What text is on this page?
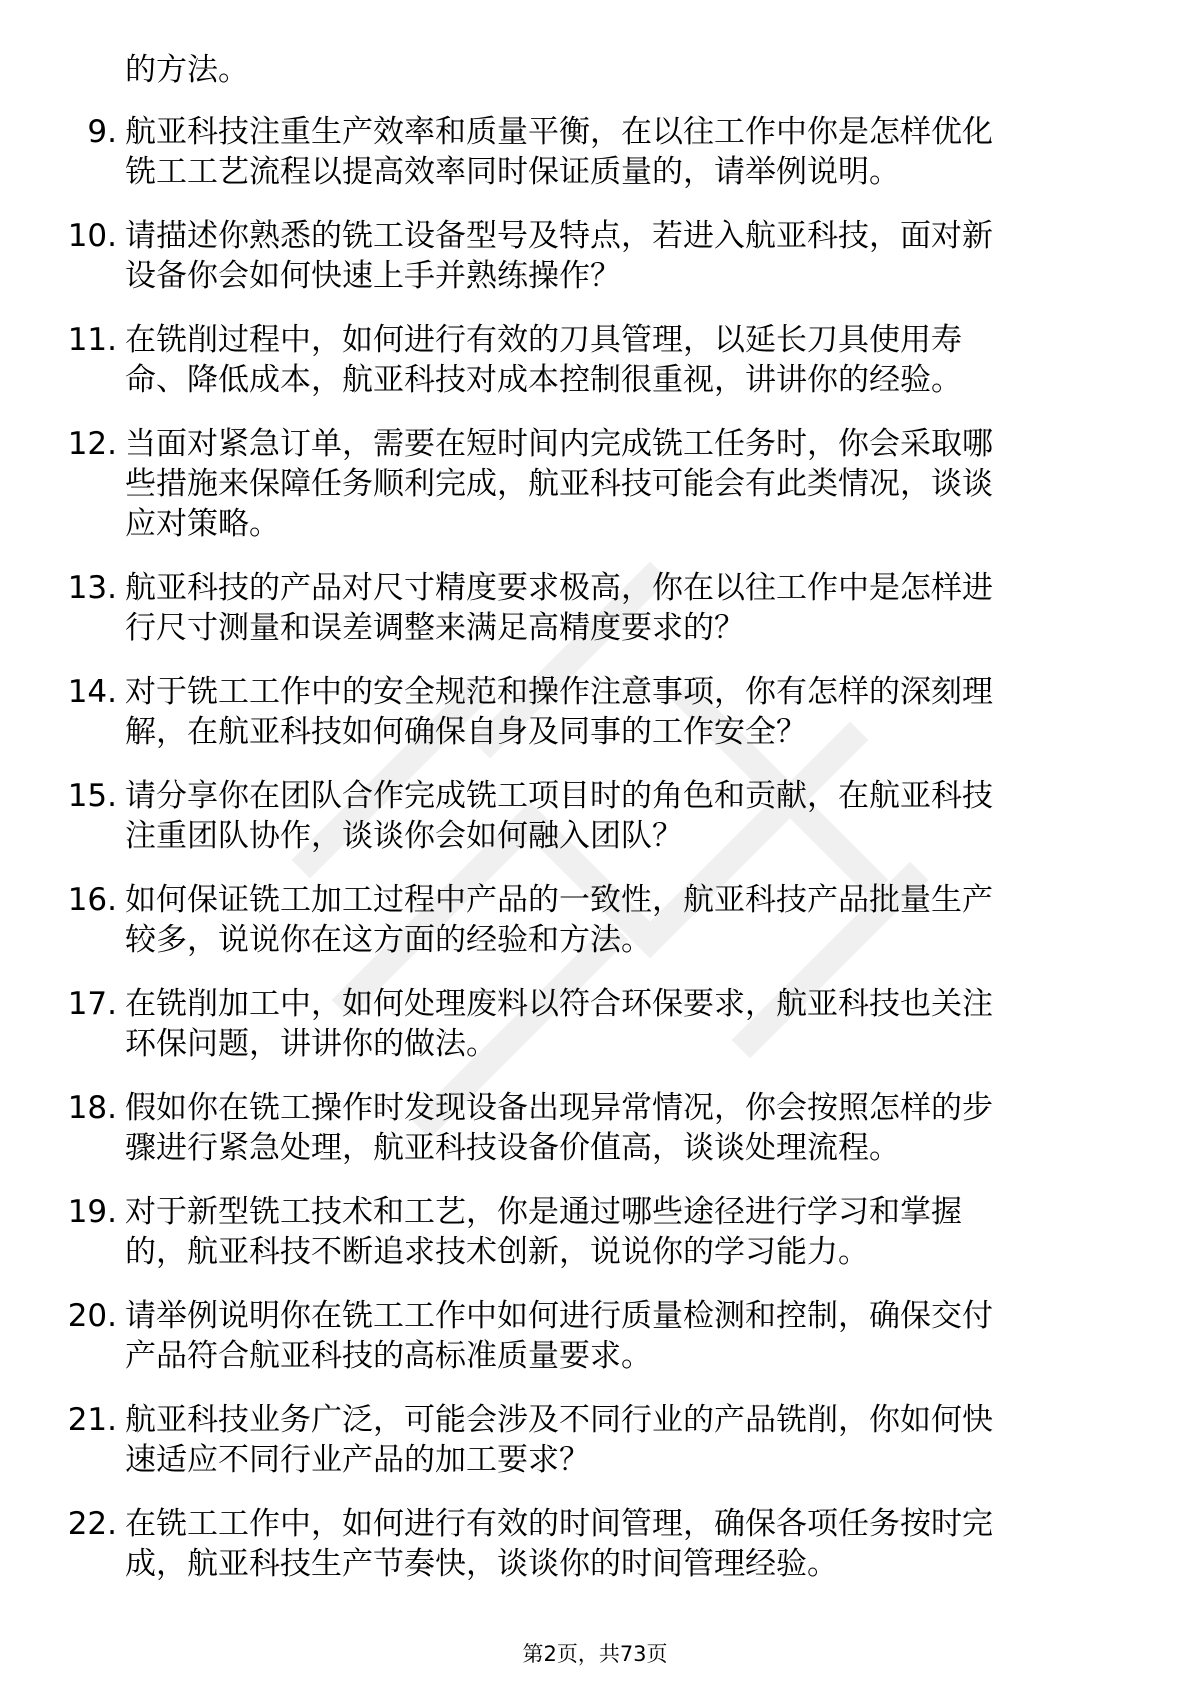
的方法。
9. 航亚科技注重生产效率和质量平衡，在以往工作中你是怎样优化
铣工工艺流程以提高效率同时保证质量的，请举例说明。
10. 请描述你熟悉的铣工设备型号及特点，若进入航亚科技，面对新
设备你会如何快速上手并熟练操作？
11. 在铣削过程中，如何进行有效的刀具管理，以延长刀具使用寿
命、降低成本，航亚科技对成本控制很重视，讲讲你的经验。
12. 当面对紧急订单，需要在短时间内完成铣工任务时，你会采取哪
些措施来保障任务顺利完成，航亚科技可能会有此类情况，谈谈
应对策略。
13. 航亚科技的产品对尺寸精度要求极高，你在以往工作中是怎样进
行尺寸测量和误差调整来满足高精度要求的？
14. 对于铣工工作中的安全规范和操作注意事项，你有怎样的深刻理
解，在航亚科技如何确保自身及同事的工作安全？
15. 请分享你在团队合作完成铣工项目时的角色和贡献，在航亚科技
注重团队协作，谈谈你会如何融入团队？
16. 如何保证铣工加工过程中产品的一致性，航亚科技产品批量生产
较多，说说你在这方面的经验和方法。
17. 在铣削加工中，如何处理废料以符合环保要求，航亚科技也关注
环保问题，讲讲你的做法。
18. 假如你在铣工操作时发现设备出现异常情况，你会按照怎样的步
骤进行紧急处理，航亚科技设备价值高，谈谈处理流程。
19. 对于新型铣工技术和工艺，你是通过哪些途径进行学习和掌握
的，航亚科技不断追求技术创新，说说你的学习能力。
20. 请举例说明你在铣工工作中如何进行质量检测和控制，确保交付
产品符合航亚科技的高标准质量要求。
21. 航亚科技业务广泛，可能会涉及不同行业的产品铣削，你如何快
速适应不同行业产品的加工要求？
22. 在铣工工作中，如何进行有效的时间管理，确保各项任务按时完
成，航亚科技生产节奏快，谈谈你的时间管理经验。
第2页，共73页
